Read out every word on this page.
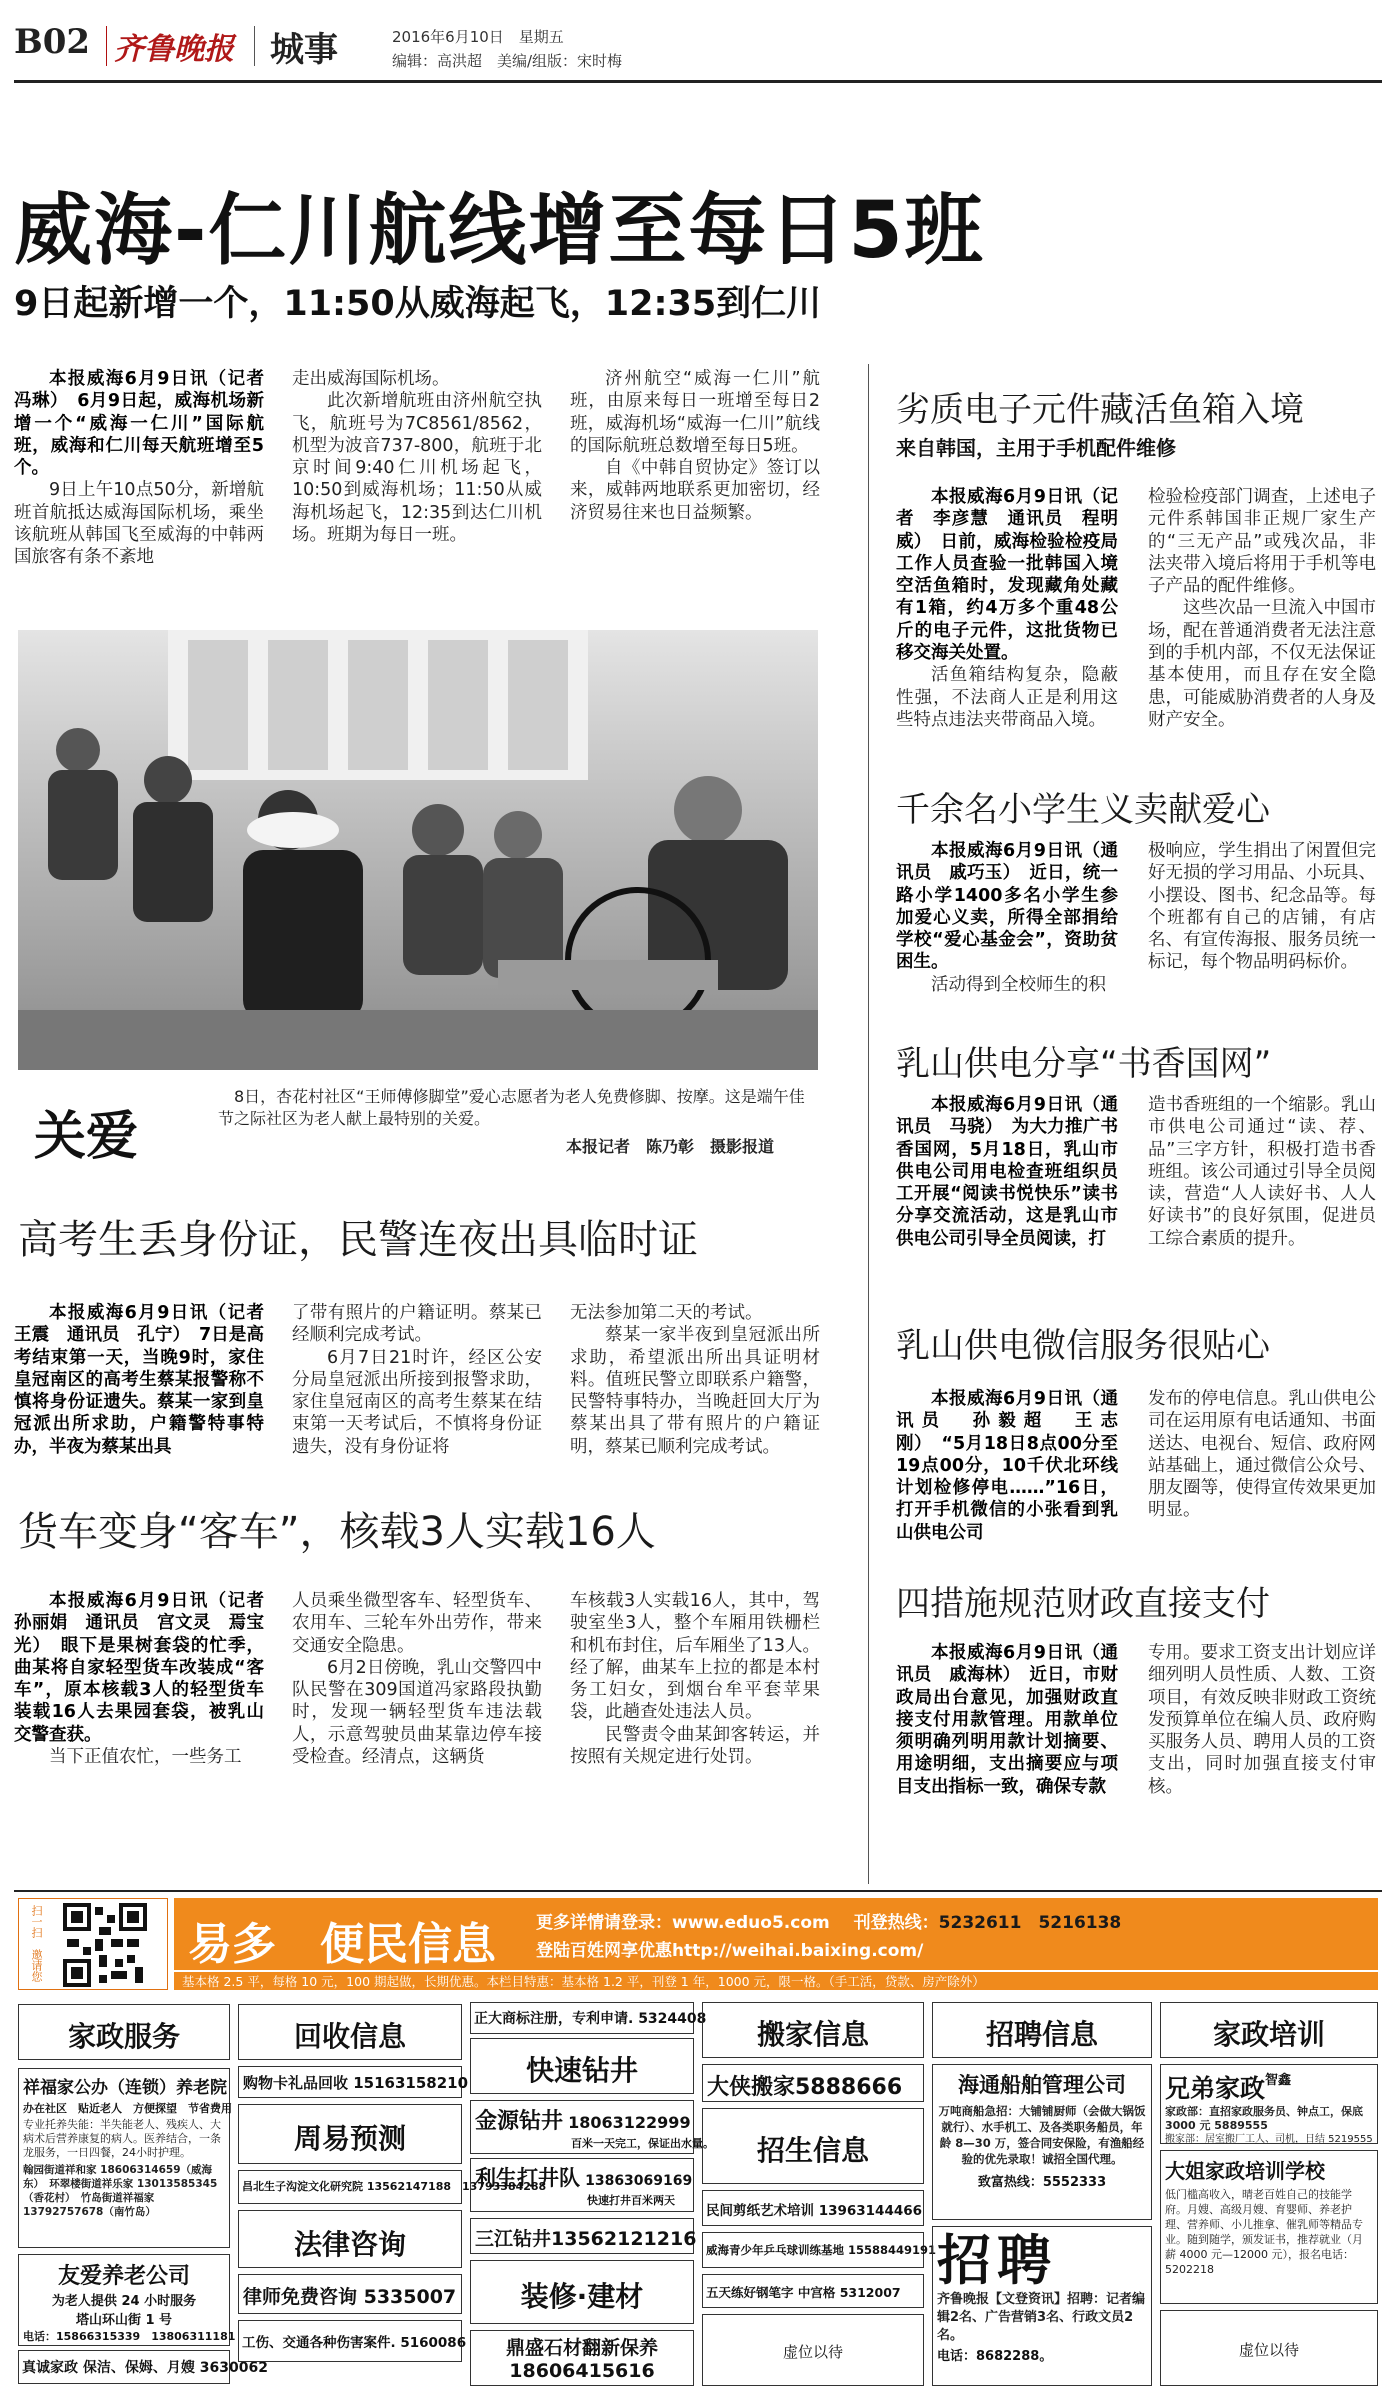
B02 齐鲁晚报 城事	2016年6月10日　星期五
编辑：高洪超　美编/组版：宋时梅
威海-仁川航线增至每日5班
9日起新增一个，11:50从威海起飞，12:35到仁川

本报威海6月9日讯（记者　冯琳）　6月9日起，威海机场新增一个“威海一仁川”国际航班，威海和仁川每天航班增至5个。

9日上午10点50分，新增航班首航抵达威海国际机场，乘坐该航班从韩国飞至威海的中韩两国旅客有条不紊地

走出威海国际机场。

此次新增航班由济州航空执飞，航班号为7C8561/8562，机型为波音737-800，航班于北京时间9:40仁川机场起飞，10:50到威海机场；11:50从威海机场起飞，12:35到达仁川机场。班期为每日一班。

济州航空“威海一仁川”航班，由原来每日一班增至每日2班，威海机场“威海一仁川”航线的国际航班总数增至每日5班。

自《中韩自贸协定》签订以来，威韩两地联系更加密切，经济贸易往来也日益频繁。

关爱
8日，杏花村社区“王师傅修脚堂”爱心志愿者为老人免费修脚、按摩。这是端午佳节之际社区为老人献上最特别的关爱。
本报记者　陈乃彰　摄影报道
高考生丢身份证，民警连夜出具临时证

本报威海6月9日讯（记者　王震　通讯员　孔宁）　7日是高考结束第一天，当晚9时，家住皇冠南区的高考生蔡某报警称不慎将身份证遗失。蔡某一家到皇冠派出所求助，户籍警特事特办，半夜为蔡某出具

了带有照片的户籍证明。蔡某已经顺利完成考试。

6月7日21时许，经区公安分局皇冠派出所接到报警求助，家住皇冠南区的高考生蔡某在结束第一天考试后，不慎将身份证遗失，没有身份证将

无法参加第二天的考试。

蔡某一家半夜到皇冠派出所求助，希望派出所出具证明材料。值班民警立即联系户籍警，民警特事特办，当晚赶回大厅为蔡某出具了带有照片的户籍证明，蔡某已顺利完成考试。

货车变身“客车”，核载3人实载16人

本报威海6月9日讯（记者　孙丽娟　通讯员　宫文灵　焉宝光）　眼下是果树套袋的忙季，曲某将自家轻型货车改装成“客车”，原本核载3人的轻型货车装载16人去果园套袋，被乳山交警查获。

当下正值农忙，一些务工

人员乘坐微型客车、轻型货车、农用车、三轮车外出劳作，带来交通安全隐患。

6月2日傍晚，乳山交警四中队民警在309国道冯家路段执勤时，发现一辆轻型货车违法载人，示意驾驶员曲某靠边停车接受检查。经清点，这辆货

车核载3人实载16人，其中，驾驶室坐3人，整个车厢用铁栅栏和机布封住，后车厢坐了13人。经了解，曲某车上拉的都是本村务工妇女，到烟台牟平套苹果袋，此趟查处违法人员。

民警责令曲某卸客转运，并按照有关规定进行处罚。

劣质电子元件藏活鱼箱入境
来自韩国，主用于手机配件维修

本报威海6月9日讯（记者　李彦慧　通讯员　程明威）　日前，威海检验检疫局工作人员查验一批韩国入境空活鱼箱时，发现藏角处藏有1箱，约4万多个重48公斤的电子元件，这批货物已移交海关处置。

活鱼箱结构复杂，隐蔽性强，不法商人正是利用这些特点违法夹带商品入境。

检验检疫部门调查，上述电子元件系韩国非正规厂家生产的“三无产品”或残次品，非法夹带入境后将用于手机等电子产品的配件维修。

这些次品一旦流入中国市场，配在普通消费者无法注意到的手机内部，不仅无法保证基本使用，而且存在安全隐患，可能威胁消费者的人身及财产安全。

千余名小学生义卖献爱心

本报威海6月9日讯（通讯员　戚巧玉）　近日，统一路小学1400多名小学生参加爱心义卖，所得全部捐给学校“爱心基金会”，资助贫困生。

活动得到全校师生的积

极响应，学生捐出了闲置但完好无损的学习用品、小玩具、小摆设、图书、纪念品等。每个班都有自己的店铺，有店名、有宣传海报、服务员统一标记，每个物品明码标价。

乳山供电分享“书香国网”

本报威海6月9日讯（通讯员　马骁）　为大力推广书香国网，5月18日，乳山市供电公司用电检查班组织员工开展“阅读书悦快乐”读书分享交流活动，这是乳山市供电公司引导全员阅读，打

造书香班组的一个缩影。乳山市供电公司通过“读、荐、品”三字方针，积极打造书香班组。该公司通过引导全员阅读，营造“人人读好书、人人好读书”的良好氛围，促进员工综合素质的提升。

乳山供电微信服务很贴心

本报威海6月9日讯（通讯员　孙毅超　王志刚）　“5月18日8点00分至19点00分，10千伏北环线计划检修停电……”16日，打开手机微信的小张看到乳山供电公司

发布的停电信息。乳山供电公司在运用原有电话通知、书面送达、电视台、短信、政府网站基础上，通过微信公众号、朋友圈等，使得宣传效果更加明显。

四措施规范财政直接支付

本报威海6月9日讯（通讯员　戚海林）　近日，市财政局出台意见，加强财政直接支付用款管理。用款单位须明确列明用款计划摘要、用途明细，支出摘要应与项目支出指标一致，确保专款

专用。要求工资支出计划应详细列明人员性质、人数、工资项目，有效反映非财政工资统发预算单位在编人员、政府购买服务人员、聘用人员的工资支出，同时加强直接支付审核。

扫一扫　邀请您	易多　便民信息 更多详情请登录：www.eduo5.com 刊登热线：5232611　5216138
登陆百姓网享优惠http://weihai.baixing.com/
基本格 2.5 平，每格 10 元，100 期起做，长期优惠。本栏目特惠：基本格 1.2 平，刊登 1 年，1000 元，限一格。（手工活，贷款、房产除外）
家政服务
祥福家公办（连锁）养老院
办在社区　贴近老人　方便探望　节省费用
专业托养失能：半失能老人、残疾人、大病术后营养康复的病人。医养结合，一条龙服务，一日四餐，24小时护理。
翰园街道祥和家 18606314659（威海东）　环翠楼街道祥乐家 13013585345（香花村）　竹岛街道祥福家 13792757678（南竹岛）
友爱养老公司
为老人提供 24 小时服务
塔山环山街 1 号
电话：15866315339　13806311181
真诚家政 保洁、保姆、月嫂 3630062
回收信息
购物卡礼品回收 15163158210
周易预测
昌北生子沟淀文化研究院 13562147188　13793384288
法律咨询
律师免费咨询 5335007
工伤、交通各种伤害案件. 5160086
正大商标注册，专利申请. 5324408
快速钻井
金源钻井 18063122999
百米一天完工，保证出水量。
利生打井队 13863069169
快速打井百米两天
三江钻井13562121216
装修·建材
鼎盛石材翻新保养
18606415616
搬家信息
大侠搬家5888666
招生信息
民间剪纸艺术培训 13963144466
威海青少年乒乓球训练基地 15588449191
五天练好钢笔字 中宫格 5312007
虚位以待
招聘信息
海通船舶管理公司
万吨商船急招：大铺铺厨师（会做大锅饭就行）、水手机工、及各类职务船员，年龄 8—30 万，签合同安保险，有渔船经验的优先录取！诚招全国代理。
致富热线：5552333
招聘
齐鲁晚报【文登资讯】招聘：记者编辑2名、广告营销3名、行政文员2名。
电话：8682288。
家政培训
兄弟家政$^{智鑫}$
家政部：直招家政服务员、钟点工，保底 3000 元 5889555
搬家部：居室搬厂工人、司机，日结 5219555
大姐家政培训学校
低门槛高收入，晴老百姓自己的技能学府。月嫂、高级月嫂、育婴师、养老护理、营养师、小儿推拿、催乳师等精品专业。随到随学，颁发证书，推荐就业（月薪 4000 元—12000 元），报名电话：5202218
虚位以待
